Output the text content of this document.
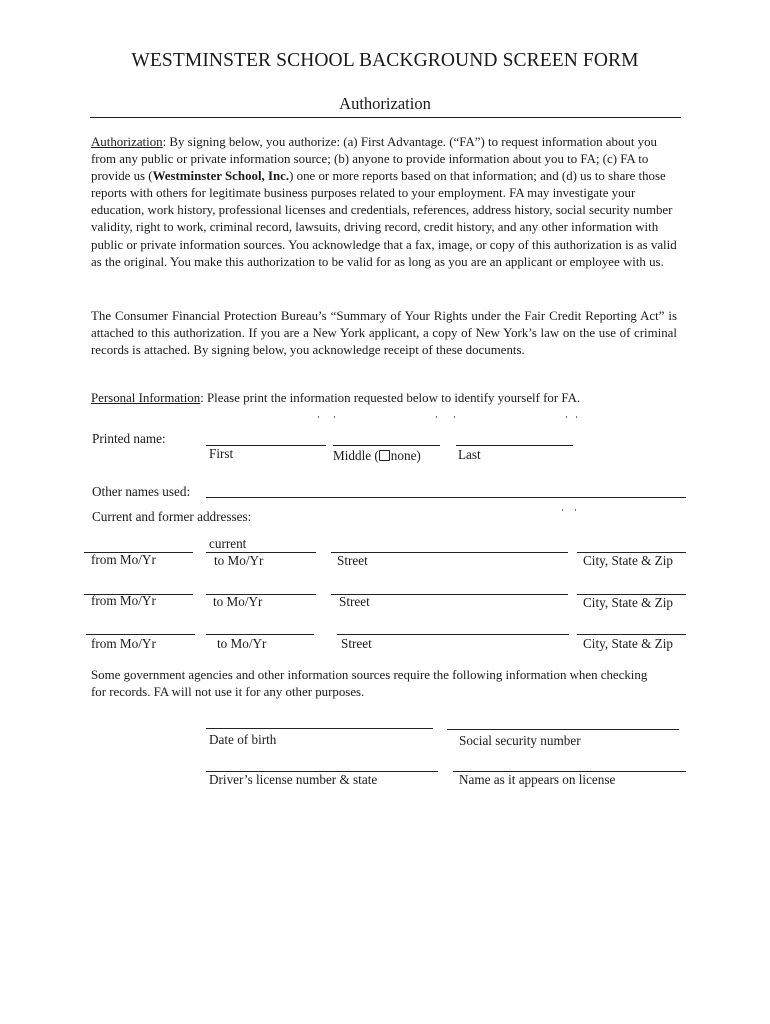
WESTMINSTER SCHOOL BACKGROUND SCREEN FORM
Authorization
Authorization: By signing below, you authorize: (a) First Advantage. (“FA”) to request information about you from any public or private information source; (b) anyone to provide information about you to FA; (c) FA to provide us (Westminster School, Inc.) one or more reports based on that information; and (d) us to share those reports with others for legitimate business purposes related to your employment. FA may investigate your education, work history, professional licenses and credentials, references, address history, social security number validity, right to work, criminal record, lawsuits, driving record, credit history, and any other information with public or private information sources. You acknowledge that a fax, image, or copy of this authorization is as valid as the original. You make this authorization to be valid for as long as you are an applicant or employee with us.
The Consumer Financial Protection Bureau’s “Summary of Your Rights under the Fair Credit Reporting Act” is attached to this authorization. If you are a New York applicant, a copy of New York’s law on the use of criminal records is attached. By signing below, you acknowledge receipt of these documents.
Personal Information: Please print the information requested below to identify yourself for FA.
Printed name:
First	Middle ( none)	Last
Other names used:
Current and former addresses:
current
from Mo/Yr	to Mo/Yr	Street	City, State & Zip
from Mo/Yr	to Mo/Yr	Street	City, State & Zip
from Mo/Yr	to Mo/Yr	Street	City, State & Zip
Some government agencies and other information sources require the following information when checking for records. FA will not use it for any other purposes.
Date of birth	Social security number
Driver’s license number & state	Name as it appears on license
